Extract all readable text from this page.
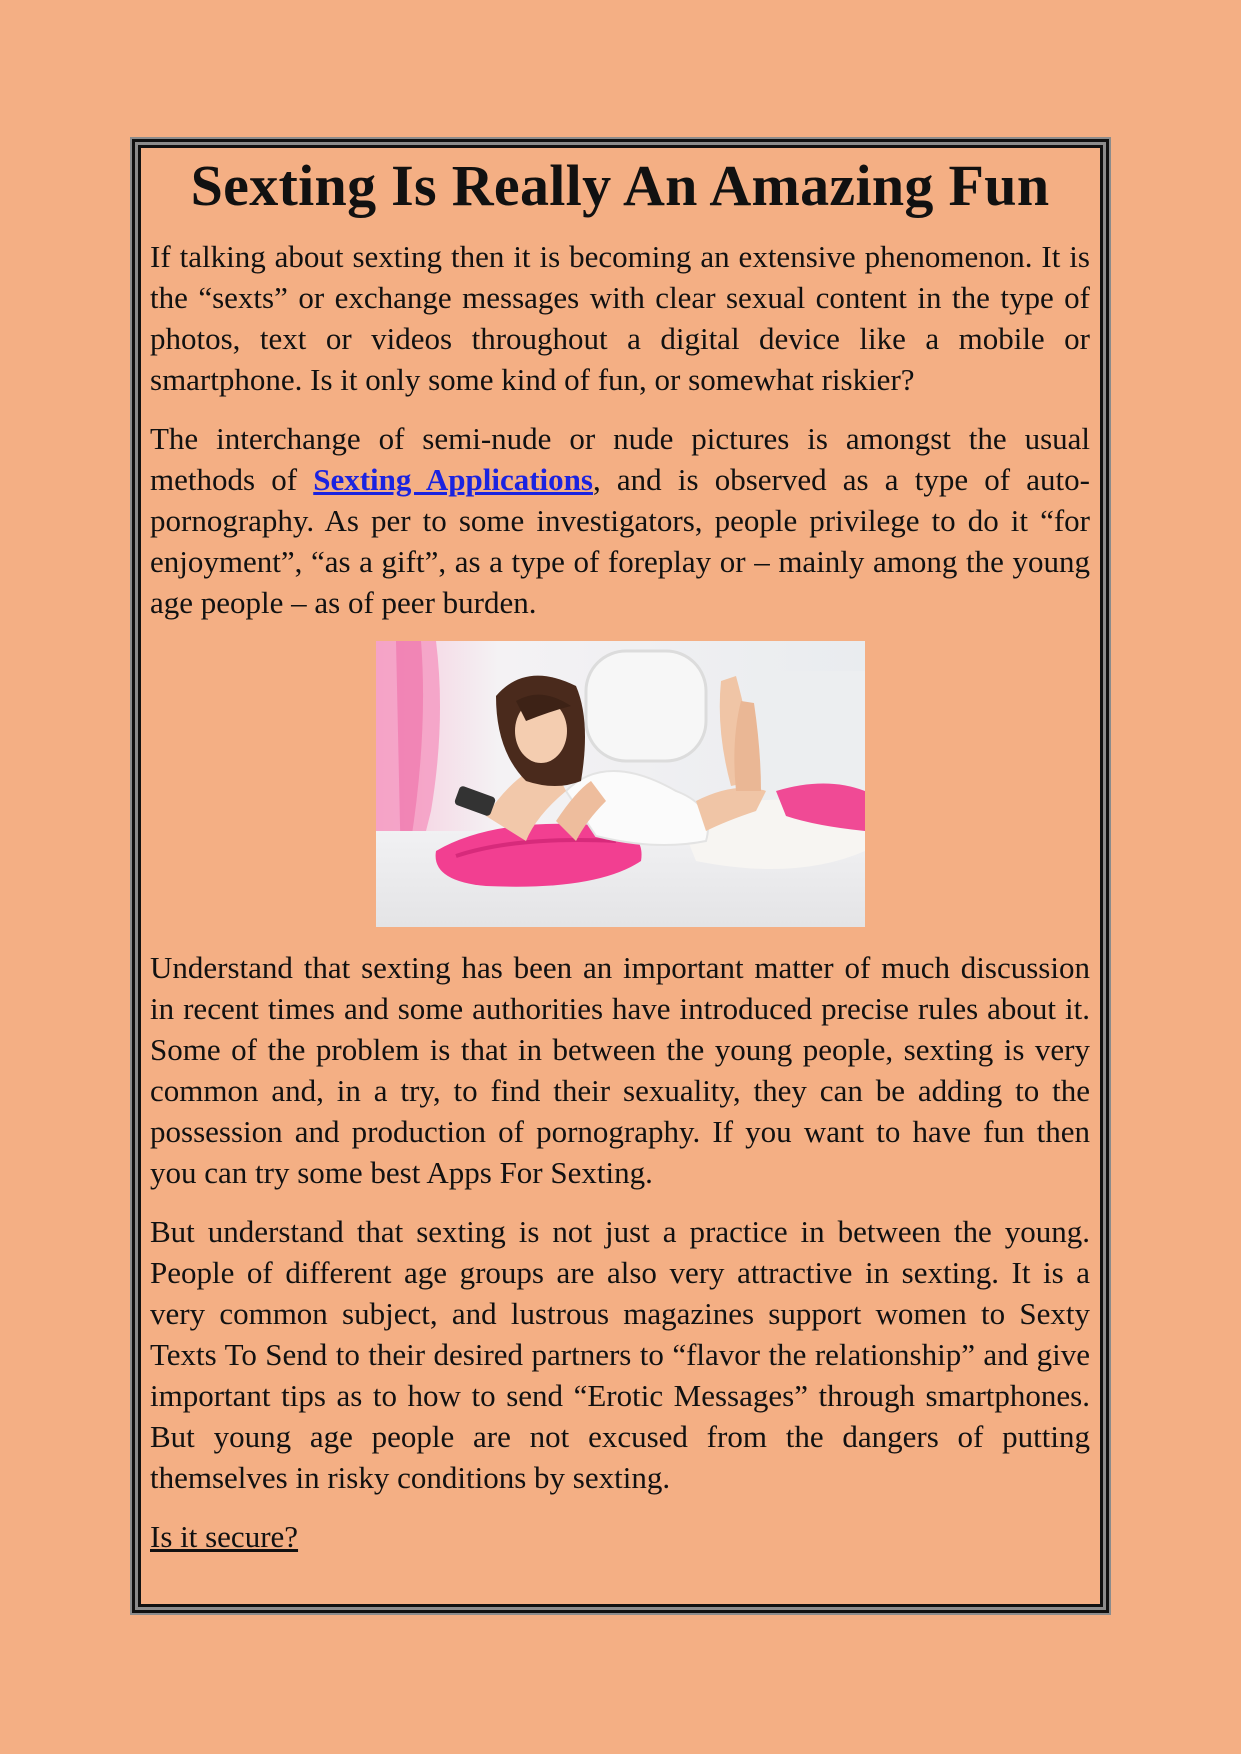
Sexting Is Really An Amazing Fun

If talking about sexting then it is becoming an extensive phenomenon. It is the “sexts” or exchange messages with clear sexual content in the type of photos, text or videos throughout a digital device like a mobile or smartphone. Is it only some kind of fun, or somewhat riskier?

The interchange of semi-nude or nude pictures is amongst the usual methods of Sexting Applications, and is observed as a type of auto-pornography. As per to some investigators, people privilege to do it “for enjoyment”, “as a gift”, as a type of foreplay or – mainly among the young age people – as of peer burden.

Understand that sexting has been an important matter of much discussion in recent times and some authorities have introduced precise rules about it. Some of the problem is that in between the young people, sexting is very common and, in a try, to find their sexuality, they can be adding to the possession and production of pornography. If you want to have fun then you can try some best Apps For Sexting.

But understand that sexting is not just a practice in between the young. People of different age groups are also very attractive in sexting. It is a very common subject, and lustrous magazines support women to Sexty Texts To Send to their desired partners to “flavor the relationship” and give important tips as to how to send “Erotic Messages” through smartphones. But young age people are not excused from the dangers of putting themselves in risky conditions by sexting.

Is it secure?
